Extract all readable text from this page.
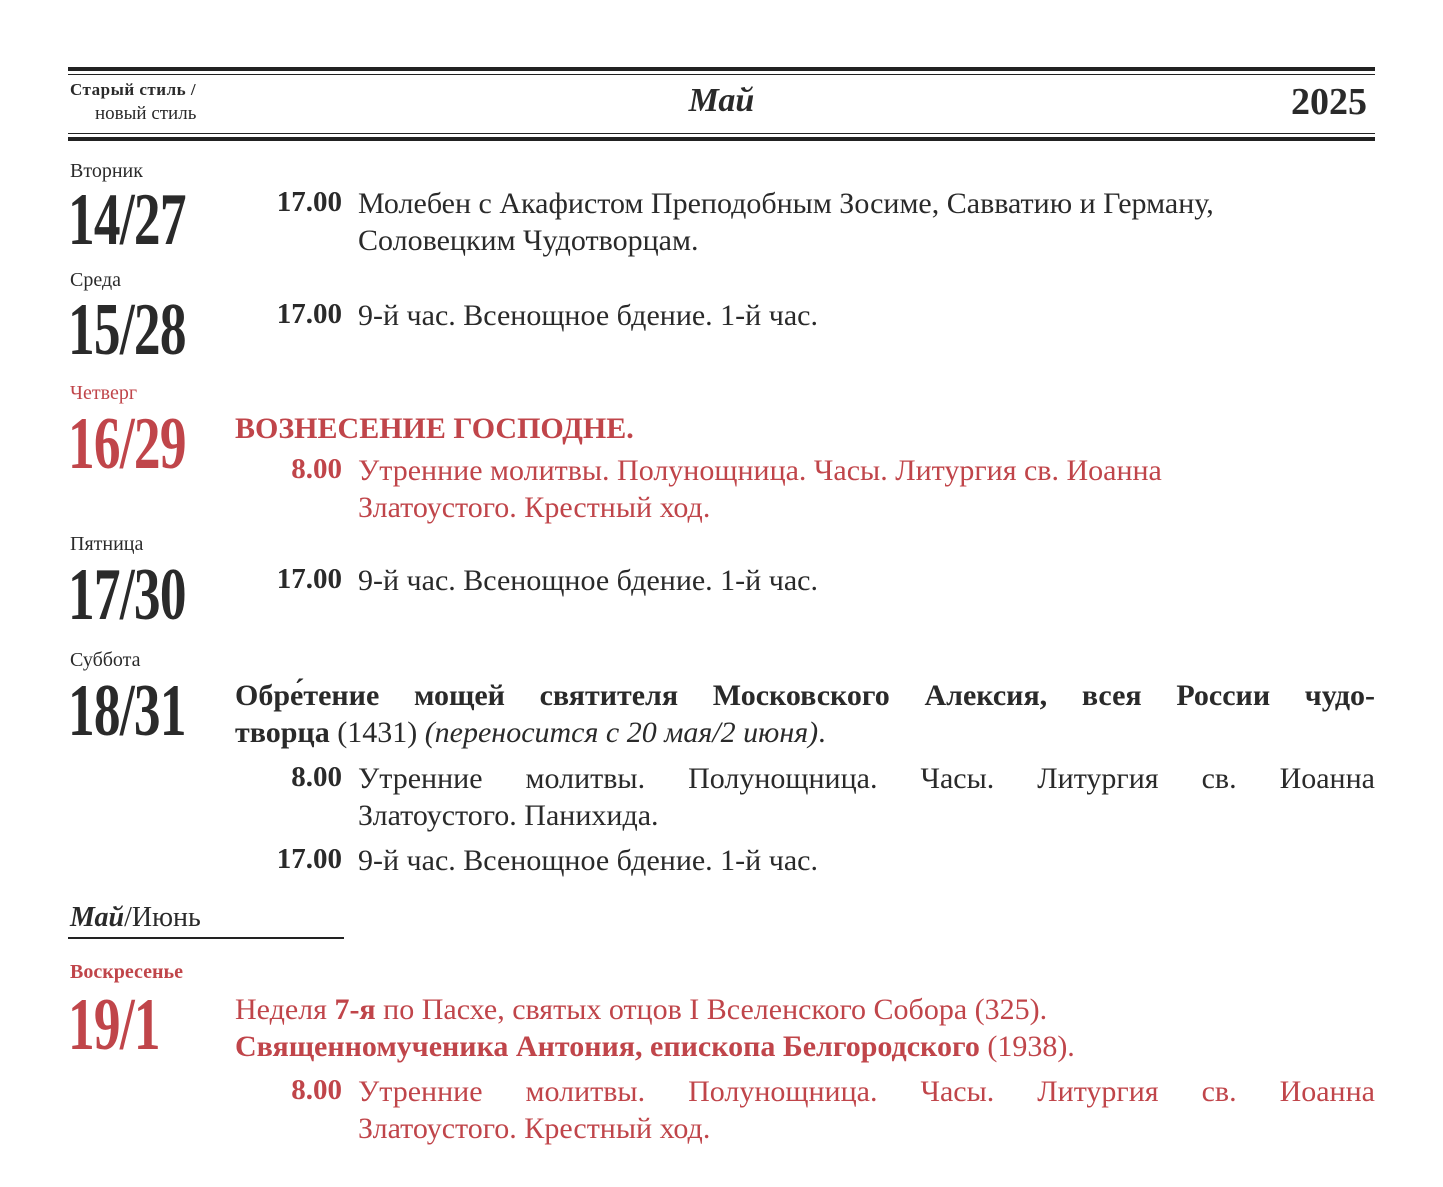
Старый стиль /
новый стиль	Май	2025
Вторник
14/27	17.00 Молебен с Акафистом Преподобным Зосиме, Савватию и Герману,
Соловецким Чудотворцам.
Среда
15/28	17.00 9-й час. Всенощное бдение. 1-й час.
Четверг
16/29 ВОЗНЕСЕНИЕ ГОСПОДНЕ.
8.00 Утренние молитвы. Полунощница. Часы. Литургия св. Иоанна
Златоустого. Крестный ход.
Пятница
17/30	17.00 9-й час. Всенощное бдение. 1-й час.
Суббота
18/31 Обре́тение мощей святителя Московского Алексия, всея России чудо-
творца (1431) (переносится с 20 мая/2 июня).
8.00 Утренние молитвы. Полунощница. Часы. Литургия св. Иоанна
Златоустого. Панихида.
17.00 9-й час. Всенощное бдение. 1-й час.
Май/Июнь
Воскресенье
19/1	Неделя 7-я по Пасхе, святых отцов I Вселенского Собора (325).
Священномученика Антония, епископа Белгородского (1938).
8.00 Утренние молитвы. Полунощница. Часы. Литургия св. Иоанна
Златоустого. Крестный ход.
